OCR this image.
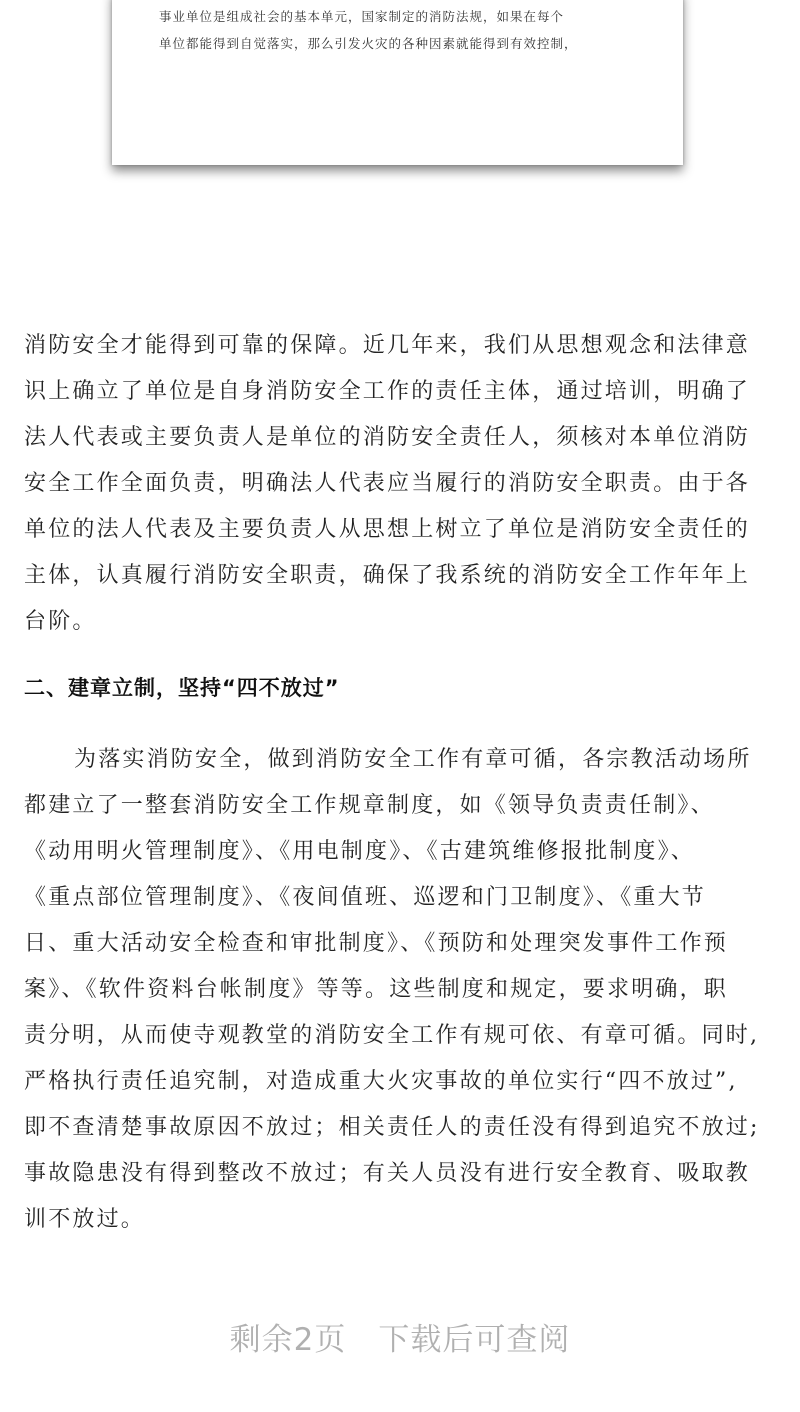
事业单位是组成社会的基本单元，国家制定的消防法规，如果在每个
单位都能得到自觉落实，那么引发火灾的各种因素就能得到有效控制，

消防安全才能得到可靠的保障。近几年来，我们从思想观念和法律意
识上确立了单位是自身消防安全工作的责任主体，通过培训，明确了
法人代表或主要负责人是单位的消防安全责任人，须核对本单位消防
安全工作全面负责，明确法人代表应当履行的消防安全职责。由于各
单位的法人代表及主要负责人从思想上树立了单位是消防安全责任的
主体，认真履行消防安全职责，确保了我系统的消防安全工作年年上
台阶。

二、建章立制，坚持“四不放过”

为落实消防安全，做到消防安全工作有章可循，各宗教活动场所
都建立了一整套消防安全工作规章制度，如《领导负责责任制》、
《动用明火管理制度》、《用电制度》、《古建筑维修报批制度》、
《重点部位管理制度》、《夜间值班、巡逻和门卫制度》、《重大节
日、重大活动安全检查和审批制度》、《预防和处理突发事件工作预
案》、《软件资料台帐制度》等等。这些制度和规定，要求明确，职
责分明，从而使寺观教堂的消防安全工作有规可依、有章可循。同时,
严格执行责任追究制，对造成重大火灾事故的单位实行“四不放过”,
即不查清楚事故原因不放过；相关责任人的责任没有得到追究不放过;
事故隐患没有得到整改不放过；有关人员没有进行安全教育、吸取教
训不放过。

剩余2页 下载后可查阅
